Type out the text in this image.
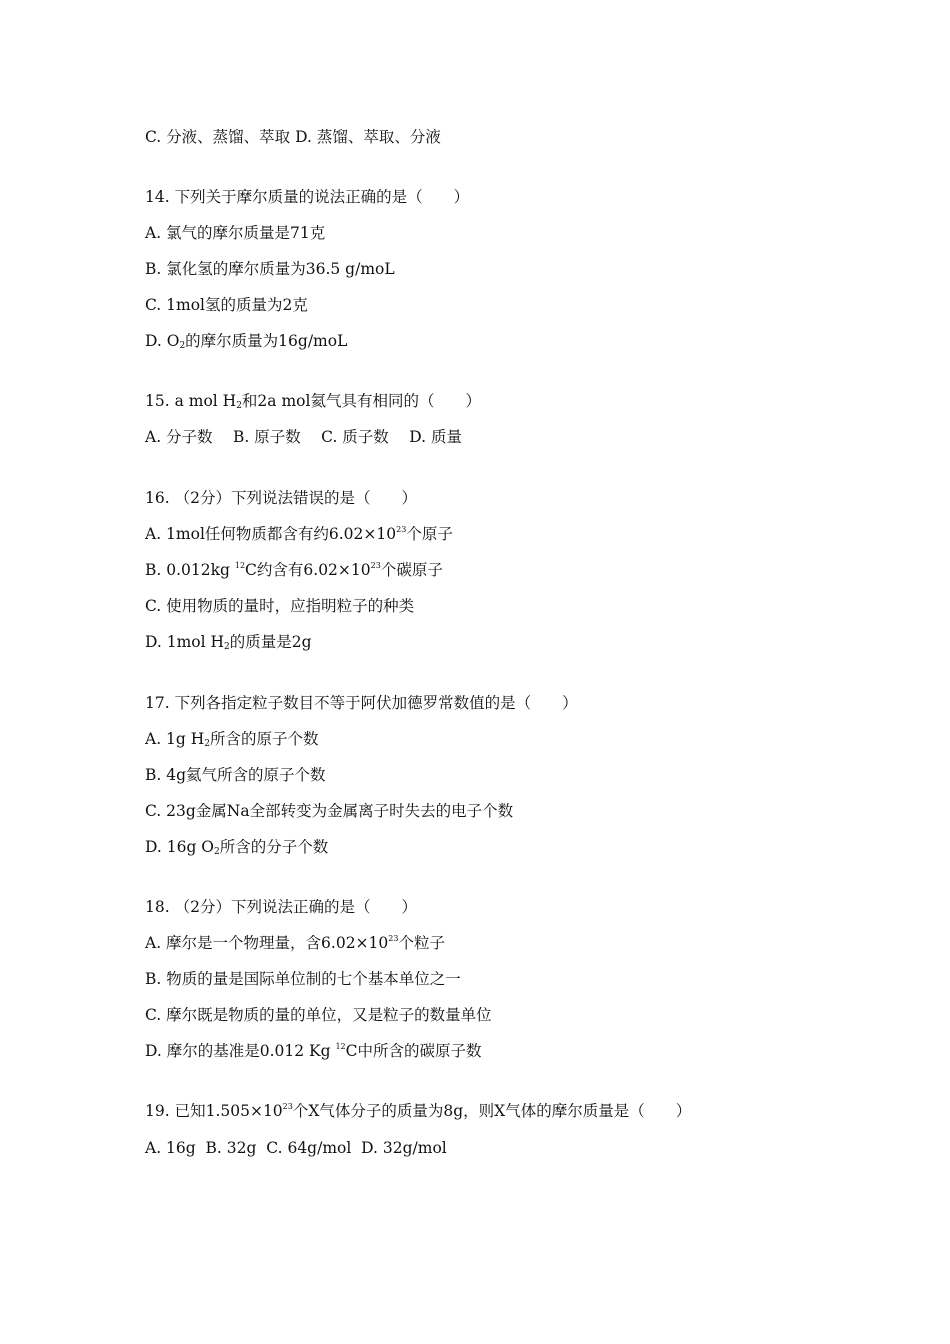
C. 分液、蒸馏、萃取 D. 蒸馏、萃取、分液
14. 下列关于摩尔质量的说法正确的是（　　）
A. 氯气的摩尔质量是71克
B. 氯化氢的摩尔质量为36.5 g/moL
C. 1mol氢的质量为2克
D. $O_2$的摩尔质量为16g/moL
15. a mol $H_2$和2a mol氦气具有相同的（　　）
A. 分子数　 B. 原子数　 C. 质子数　 D. 质量
16. （2分）下列说法错误的是（　　）
A. 1mol任何物质都含有约$6.02\times 10^{23}$个原子
B. 0.012kg $^{12}$C约含有$6.02\times 10^{23}$个碳原子
C. 使用物质的量时，应指明粒子的种类
D. 1mol $H_2$的质量是2g
17. 下列各指定粒子数目不等于阿伏加德罗常数值的是（　　）
A. 1g $H_2$所含的原子个数
B. 4g氦气所含的原子个数
C. 23g金属Na全部转变为金属离子时失去的电子个数
D. 16g $O_2$所含的分子个数
18. （2分）下列说法正确的是（　　）
A. 摩尔是一个物理量，含$6.02\times 10^{23}$个粒子
B. 物质的量是国际单位制的七个基本单位之一
C. 摩尔既是物质的量的单位，又是粒子的数量单位
D. 摩尔的基准是0.012 Kg $^{12}$C中所含的碳原子数
19. 已知$1.505\times 10^{23}$个X气体分子的质量为8g，则X气体的摩尔质量是（　　）
A. 16g  B. 32g  C. 64g/mol  D. 32g/mol
